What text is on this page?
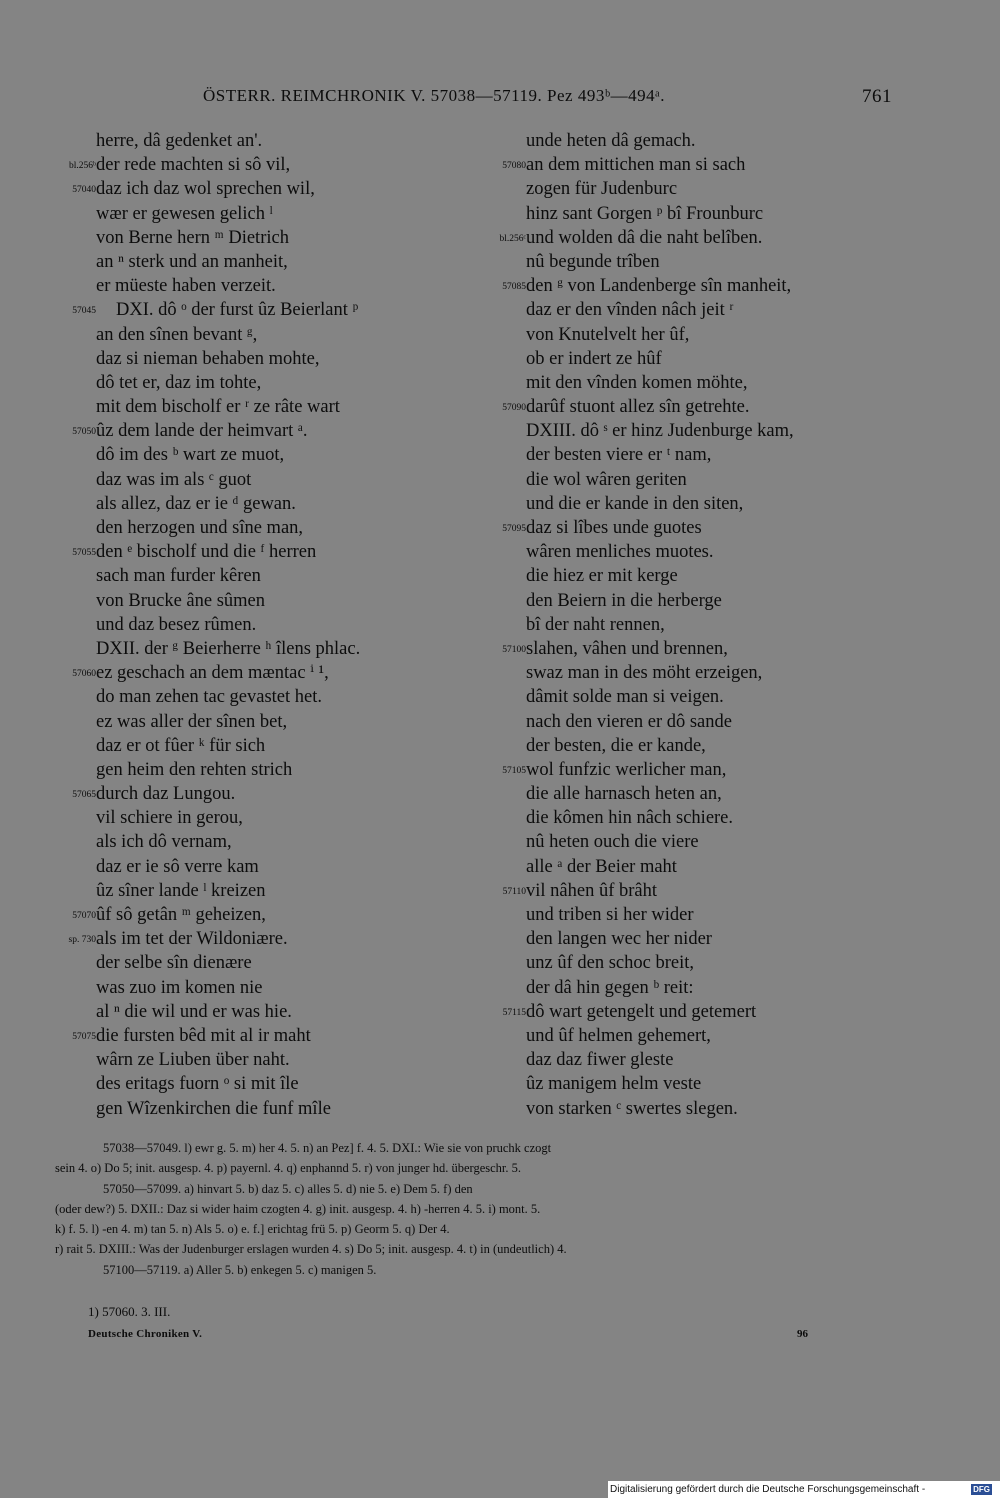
ÖSTERR. REIMCHRONIK V. 57038—57119. Pez 493ᵇ—494ᵃ.	761
herre, dâ gedenket an'.
bl.256ᵇ der rede machten si sô vil,
57040 daz ich daz wol sprechen wil,
wær er gewesen gelich ˡ
von Berne hern ᵐ Dietrich
an ⁿ sterk und an manheit,
er müeste haben verzeit.
57045 DXI. dô ᵒ der furst ûz Beierlant ᵖ
an den sînen bevant ᵍ,
daz si nieman behaben mohte,
dô tet er, daz im tohte,
mit dem bischolf er ʳ ze râte wart
57050 ûz dem lande der heimvart ᵃ.
dô im des ᵇ wart ze muot,
daz was im als ᶜ guot
als allez, daz er ie ᵈ gewan.
den herzogen und sîne man,
57055 den ᵉ bischolf und die ᶠ herren
sach man furder kêren
von Brucke âne sûmen
und daz besez rûmen.
DXII. der ᵍ Beierherre ʰ îlens phlac.
57060 ez geschach an dem mæntac ⁱ ¹,
do man zehen tac gevastet het.
ez was aller der sînen bet,
daz er ot fûer ᵏ für sich
gen heim den rehten strich
57065 durch daz Lungou.
vil schiere in gerou,
als ich dô vernam,
daz er ie sô verre kam
ûz sîner lande ˡ kreizen
57070 ûf sô getân ᵐ geheizen,
sp. 730 als im tet der Wildoniære.
der selbe sîn dienære
was zuo im komen nie
al ⁿ die wil und er was hie.
57075 die fursten bêd mit al ir maht
wârn ze Liuben über naht.
des eritags fuorn ᵒ si mit île
gen Wîzenkirchen die funf mîle
unde heten dâ gemach.
57080 an dem mittichen man si sach
zogen für Judenburc
hinz sant Gorgen ᵖ bî Frounburc
bl.256ᶜ und wolden dâ die naht belîben.
nû begunde trîben
57085 den ᵍ von Landenberge sîn manheit,
daz er den vînden nâch jeit ʳ
von Knutelvelt her ûf,
ob er indert ze hûf
mit den vînden komen möhte,
57090 darûf stuont allez sîn getrehte.
DXIII. dô ˢ er hinz Judenburge kam,
der besten viere er ᵗ nam,
die wol wâren geriten
und die er kande in den siten,
57095 daz si lîbes unde guotes
wâren menliches muotes.
die hiez er mit kerge
den Beiern in die herberge
bî der naht rennen,
57100 slahen, vâhen und brennen,
swaz man in des möht erzeigen,
dâmit solde man si veigen.
nach den vieren er dô sande
der besten, die er kande,
57105 wol funfzic werlicher man,
die alle harnasch heten an,
die kômen hin nâch schiere.
nû heten ouch die viere
alle ᵃ der Beier maht
57110 vil nâhen ûf brâht
und triben si her wider
den langen wec her nider
unz ûf den schoc breit,
der dâ hin gegen ᵇ reit:
57115 dô wart getengelt und getemert
und ûf helmen gehemert,
daz daz fiwer gleste
ûz manigem helm veste
von starken ᶜ swertes slegen.
57038—57049. l) ewr g. 5. m) her 4. 5. n) an Pez] f. 4. 5. DXI.: Wie sie von pruchk czogt
sein 4. o) Do 5; init. ausgesp. 4. p) payernl. 4. q) enphannd 5. r) von junger hd. übergeschr. 5.
57050—57099. a) hinvart 5. b) daz 5. c) alles 5. d) nie 5. e) Dem 5. f) den
(oder dew?) 5. DXII.: Daz si wider haim czogten 4. g) init. ausgesp. 4. h) -herren 4. 5. i) mont. 5.
k) f. 5. l) -en 4. m) tan 5. n) Als 5. o) e. f.] erichtag frü 5. p) Georm 5. q) Der 4.
r) rait 5. DXIII.: Was der Judenburger erslagen wurden 4. s) Do 5; init. ausgesp. 4. t) in (undeutlich) 4.
57100—57119. a) Aller 5. b) enkegen 5. c) manigen 5.
1) 57060. 3. III.
Deutsche Chroniken V.	96
Digitalisierung gefördert durch die Deutsche Forschungsgemeinschaft -	DFG
